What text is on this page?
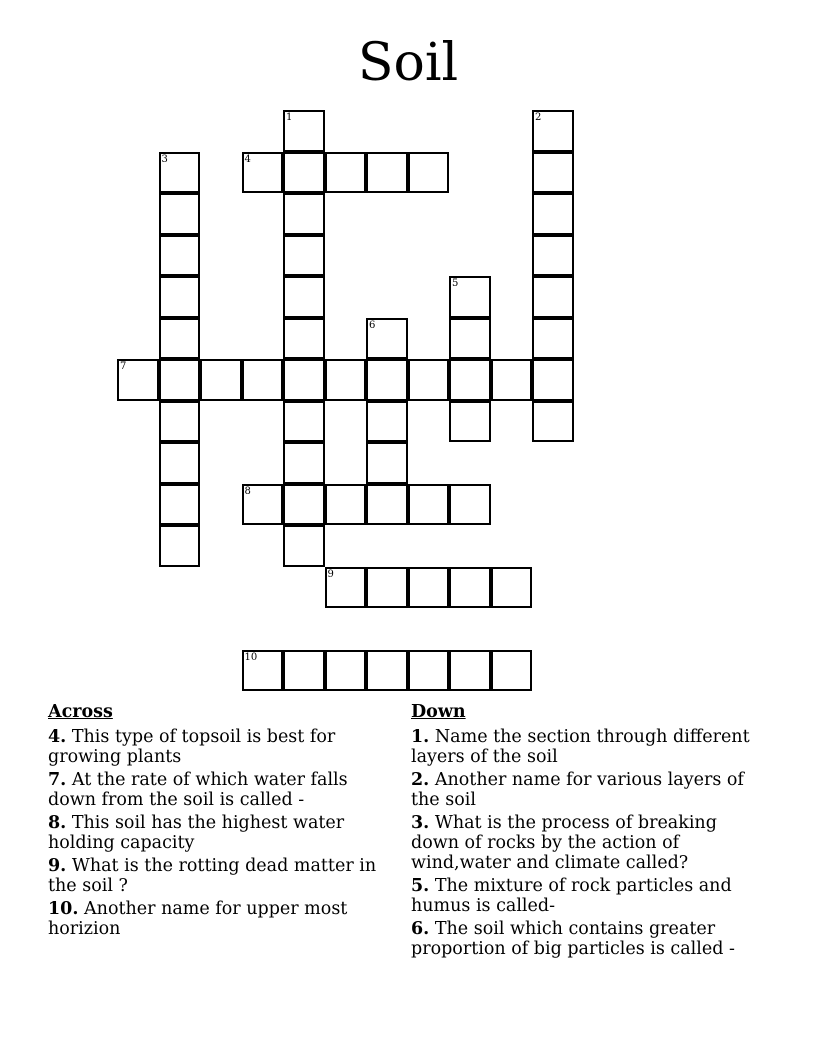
Soil
1	2
3	4
5
6
7
8
9
10
Across
4. This type of topsoil is best for growing plants
7. At the rate of which water falls down from the soil is called -
8. This soil has the highest water holding capacity
9. What is the rotting dead matter in the soil ?
10. Another name for upper most horizion
Down
1. Name the section through different layers of the soil
2. Another name for various layers of the soil
3. What is the process of breaking down of rocks by the action of wind,water and climate called?
5. The mixture of rock particles and humus is called-
6. The soil which contains greater proportion of big particles is called -
